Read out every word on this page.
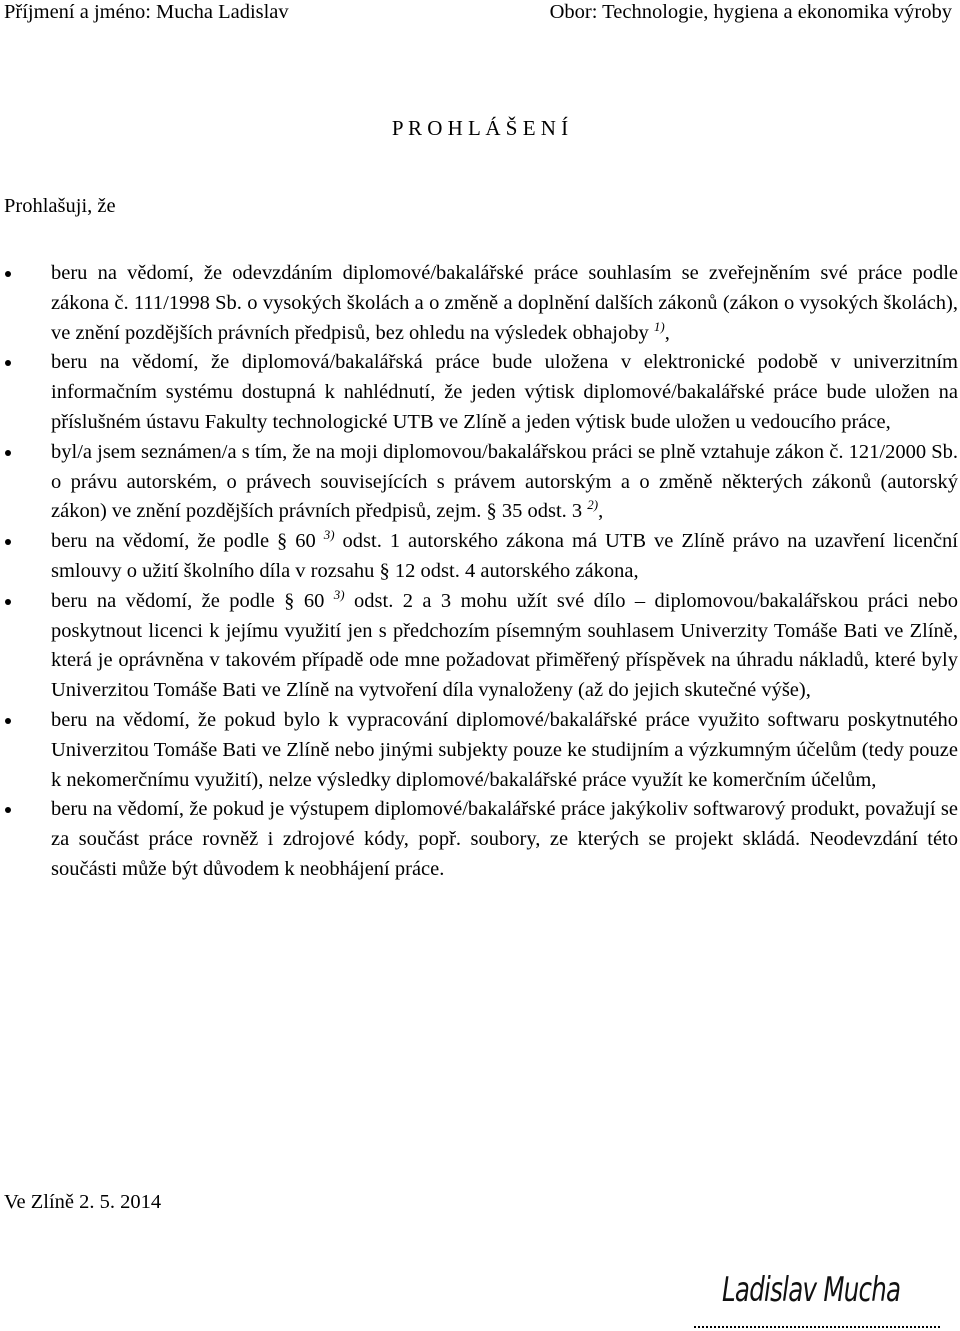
Příjmení a jméno: Mucha Ladislav	Obor: Technologie, hygiena a ekonomika výroby
P R O H L Á Š E N Í
Prohlašuji, že
beru na vědomí, že odevzdáním diplomové/bakalářské práce souhlasím se zveřejněním své práce podle zákona č. 111/1998 Sb. o vysokých školách a o změně a doplnění dalších zákonů (zákon o vysokých školách), ve znění pozdějších právních předpisů, bez ohledu na výsledek obhajoby $^{1)}$,
beru na vědomí, že diplomová/bakalářská práce bude uložena v elektronické podobě v univerzitním informačním systému dostupná k nahlédnutí, že jeden výtisk diplomové/bakalářské práce bude uložen na příslušném ústavu Fakulty technologické UTB ve Zlíně a jeden výtisk bude uložen u vedoucího práce,
byl/a jsem seznámen/a s tím, že na moji diplomovou/bakalářskou práci se plně vztahuje zákon č. 121/2000 Sb. o právu autorském, o právech souvisejících s právem autorským a o změně některých zákonů (autorský zákon) ve znění pozdějších právních předpisů, zejm. § 35 odst. 3 $^{2)}$,
beru na vědomí, že podle § 60 $^{3)}$ odst. 1 autorského zákona má UTB ve Zlíně právo na uzavření licenční smlouvy o užití školního díla v rozsahu § 12 odst. 4 autorského zákona,
beru na vědomí, že podle § 60 $^{3)}$ odst. 2 a 3 mohu užít své dílo – diplomovou/bakalářskou práci nebo poskytnout licenci k jejímu využití jen s předchozím písemným souhlasem Univerzity Tomáše Bati ve Zlíně, která je oprávněna v takovém případě ode mne požadovat přiměřený příspěvek na úhradu nákladů, které byly Univerzitou Tomáše Bati ve Zlíně na vytvoření díla vynaloženy (až do jejich skutečné výše),
beru na vědomí, že pokud bylo k vypracování diplomové/bakalářské práce využito softwaru poskytnutého Univerzitou Tomáše Bati ve Zlíně nebo jinými subjekty pouze ke studijním a výzkumným účelům (tedy pouze k nekomerčnímu využití), nelze výsledky diplomové/bakalářské práce využít ke komerčním účelům,
beru na vědomí, že pokud je výstupem diplomové/bakalářské práce jakýkoliv softwarový produkt, považují se za součást práce rovněž i zdrojové kódy, popř. soubory, ze kterých se projekt skládá. Neodevzdání této součásti může být důvodem k neobhájení práce.
Ve Zlíně 2. 5. 2014
Ladislav Mucha
